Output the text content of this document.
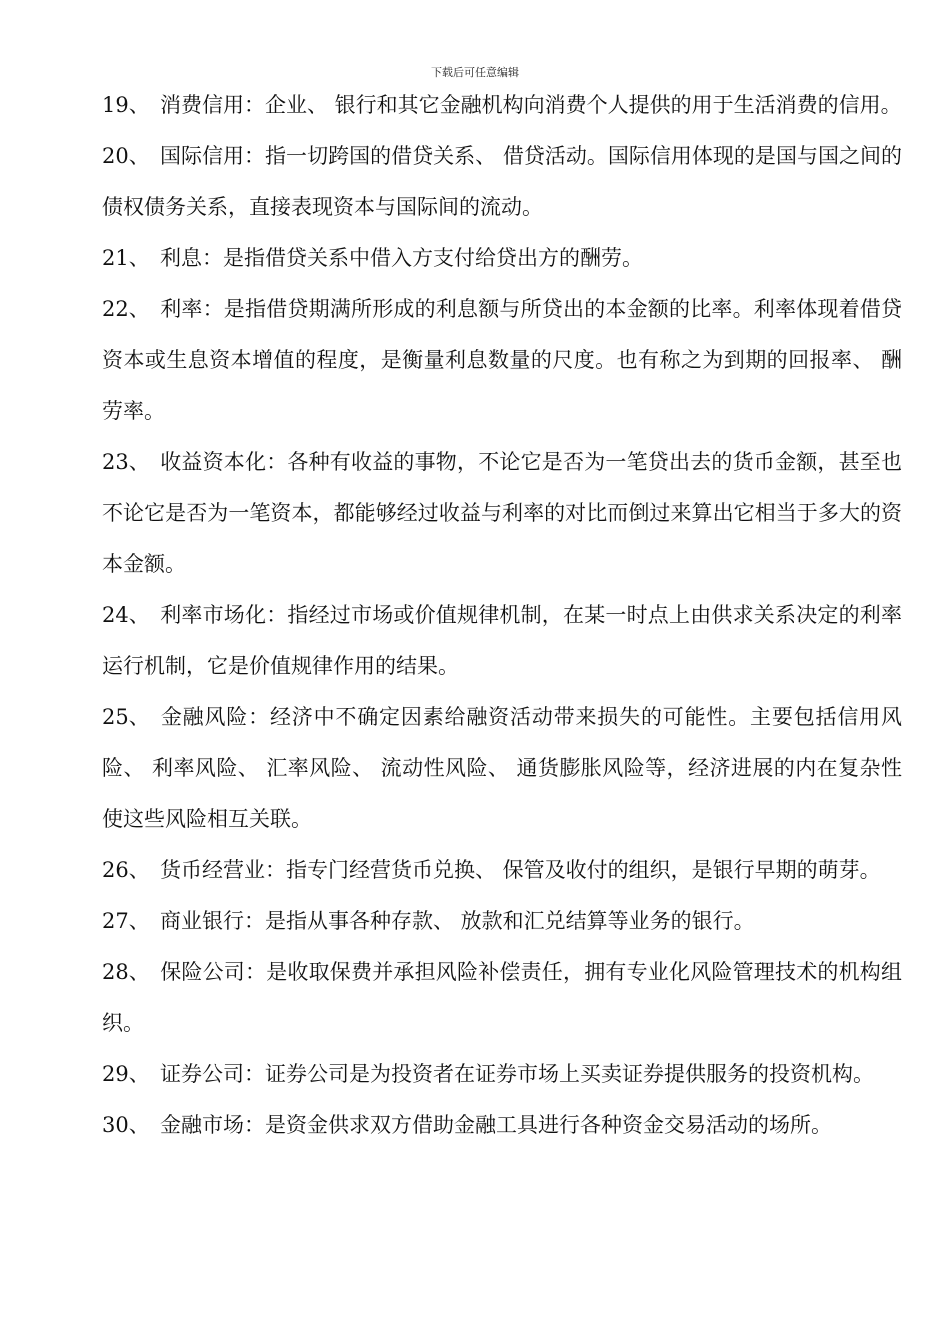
下载后可任意编辑

19、 消费信用：企业、 银行和其它金融机构向消费个人提供的用于生活消费的信用。

20、 国际信用：指一切跨国的借贷关系、 借贷活动。国际信用体现的是国与国之间的债权债务关系，直接表现资本与国际间的流动。

21、 利息：是指借贷关系中借入方支付给贷出方的酬劳。

22、 利率：是指借贷期满所形成的利息额与所贷出的本金额的比率。利率体现着借贷资本或生息资本增值的程度，是衡量利息数量的尺度。也有称之为到期的回报率、 酬劳率。

23、 收益资本化：各种有收益的事物，不论它是否为一笔贷出去的货币金额，甚至也不论它是否为一笔资本，都能够经过收益与利率的对比而倒过来算出它相当于多大的资本金额。

24、 利率市场化：指经过市场或价值规律机制，在某一时点上由供求关系决定的利率运行机制，它是价值规律作用的结果。

25、 金融风险：经济中不确定因素给融资活动带来损失的可能性。主要包括信用风险、 利率风险、 汇率风险、 流动性风险、 通货膨胀风险等，经济进展的内在复杂性使这些风险相互关联。

26、 货币经营业：指专门经营货币兑换、 保管及收付的组织，是银行早期的萌芽。

27、 商业银行：是指从事各种存款、 放款和汇兑结算等业务的银行。

28、 保险公司：是收取保费并承担风险补偿责任，拥有专业化风险管理技术的机构组织。

29、 证券公司：证券公司是为投资者在证券市场上买卖证券提供服务的投资机构。

30、 金融市场：是资金供求双方借助金融工具进行各种资金交易活动的场所。
